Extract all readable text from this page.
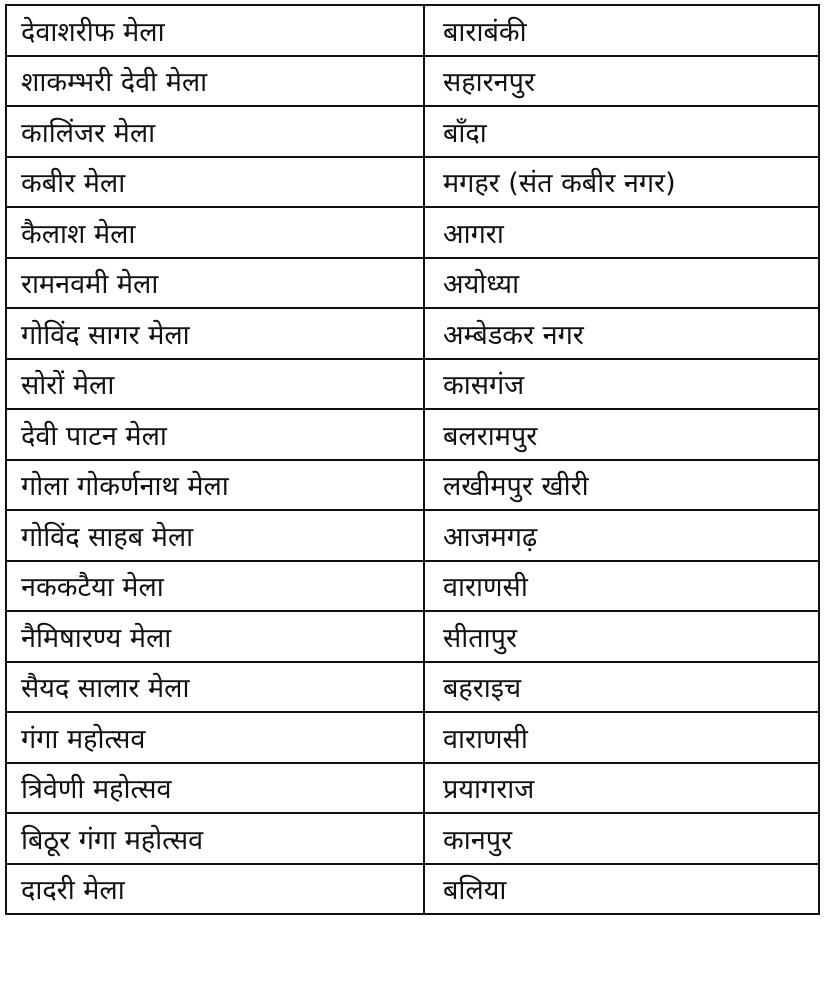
देवाशरीफ मेला	बाराबंकी
शाकम्भरी देवी मेला	सहारनपुर
कालिंजर मेला	बाँदा
कबीर मेला	मगहर (संत कबीर नगर)
कैलाश मेला	आगरा
रामनवमी मेला	अयोध्या
गोविंद सागर मेला	अम्बेडकर नगर
सोरों मेला	कासगंज
देवी पाटन मेला	बलरामपुर
गोला गोकर्णनाथ मेला	लखीमपुर खीरी
गोविंद साहब मेला	आजमगढ़
नककटैया मेला	वाराणसी
नैमिषारण्य मेला	सीतापुर
सैयद सालार मेला	बहराइच
गंगा महोत्सव	वाराणसी
त्रिवेणी महोत्सव	प्रयागराज
बिठूर गंगा महोत्सव	कानपुर
दादरी मेला	बलिया
